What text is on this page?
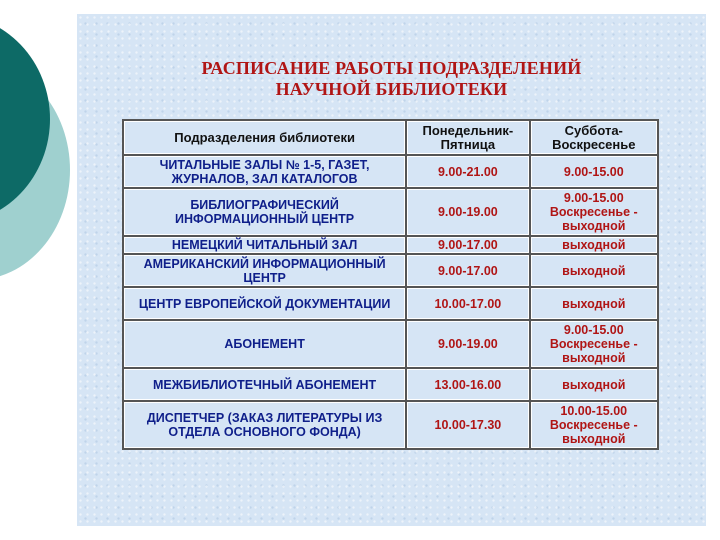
РАСПИСАНИЕ РАБОТЫ ПОДРАЗДЕЛЕНИЙ
НАУЧНОЙ БИБЛИОТЕКИ
Подразделения библиотеки	Понедельник-Пятница	Суббота-Воскресенье
ЧИТАЛЬНЫЕ ЗАЛЫ № 1-5, ГАЗЕТ, ЖУРНАЛОВ, ЗАЛ КАТАЛОГОВ	9.00-21.00	9.00-15.00
БИБЛИОГРАФИЧЕСКИЙ ИНФОРМАЦИОННЫЙ ЦЕНТР	9.00-19.00	9.00-15.00 Воскресенье - выходной
НЕМЕЦКИЙ ЧИТАЛЬНЫЙ ЗАЛ	9.00-17.00	выходной
АМЕРИКАНСКИЙ ИНФОРМАЦИОННЫЙ ЦЕНТР	9.00-17.00	выходной
ЦЕНТР ЕВРОПЕЙСКОЙ ДОКУМЕНТАЦИИ	10.00-17.00	выходной
АБОНЕМЕНТ	9.00-19.00	9.00-15.00 Воскресенье - выходной
МЕЖБИБЛИОТЕЧНЫЙ АБОНЕМЕНТ	13.00-16.00	выходной
ДИСПЕТЧЕР (ЗАКАЗ ЛИТЕРАТУРЫ ИЗ ОТДЕЛА ОСНОВНОГО ФОНДА)	10.00-17.30	10.00-15.00 Воскресенье - выходной
